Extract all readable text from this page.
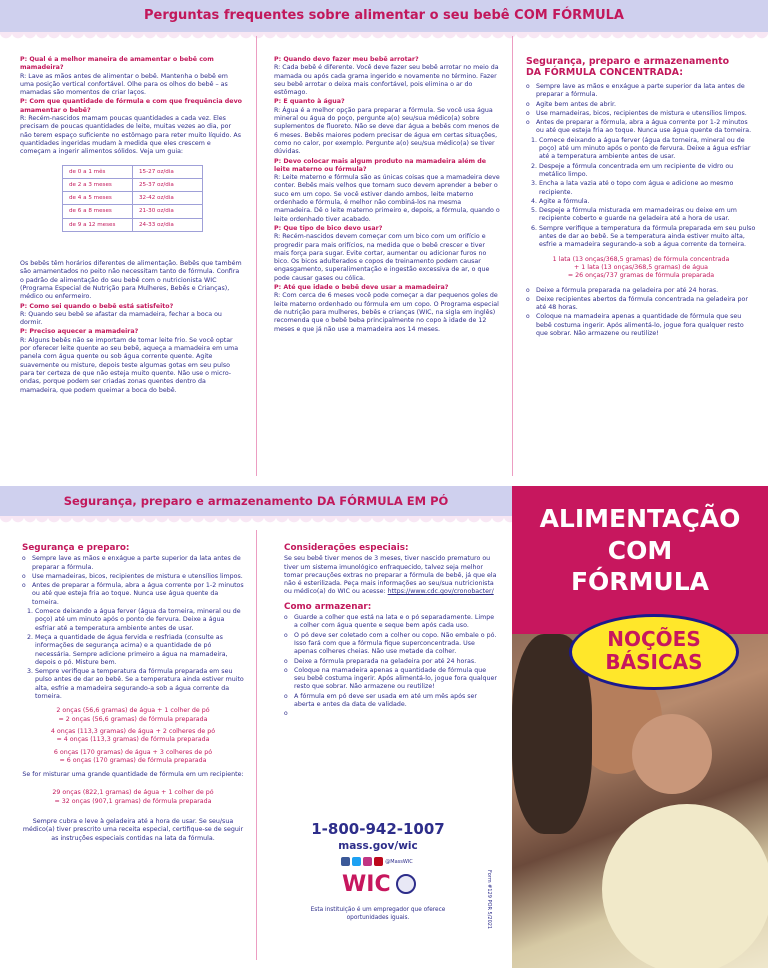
Perguntas frequentes sobre alimentar o seu bebê COM FÓRMULA

P: Qual é a melhor maneira de amamentar o bebê com mamadeira?
R: Lave as mãos antes de alimentar o bebê. Mantenha o bebê em uma posição vertical confortável. Olhe para os olhos do bebê – as mamadas são momentos de criar laços.

P: Com que quantidade de fórmula e com que frequência devo amamentar o bebê?
R: Recém-nascidos mamam poucas quantidades a cada vez. Eles precisam de poucas quantidades de leite, muitas vezes ao dia, por não terem espaço suficiente no estômago para reter muito líquido. As quantidades ingeridas mudam à medida que eles crescem e começam a ingerir alimentos sólidos. Veja um guia:

de 0 a 1 mês	15-27 oz/dia
de 2 a 3 meses	25-37 oz/dia
de 4 a 5 meses	32-42 oz/dia
de 6 a 8 meses	21-30 oz/dia
de 9 a 12 meses	24-33 oz/dia

Os bebês têm horários diferentes de alimentação. Bebês que também são amamentados no peito não necessitam tanto de fórmula. Confira o padrão de alimentação do seu bebê com o nutricionista WIC (Programa Especial de Nutrição para Mulheres, Bebês e Crianças), médico ou enfermeiro.

P: Como sei quando o bebê está satisfeito?
R: Quando seu bebê se afastar da mamadeira, fechar a boca ou dormir.

P: Preciso aquecer a mamadeira?
R: Alguns bebês não se importam de tomar leite frio. Se você optar por oferecer leite quente ao seu bebê, aqueça a mamadeira em uma panela com água quente ou sob água corrente quente. Agite suavemente ou misture, depois teste algumas gotas em seu pulso para ter certeza de que não esteja muito quente. Não use o micro-ondas, porque podem ser criadas zonas quentes dentro da mamadeira, que podem queimar a boca do bebê.

P: Quando devo fazer meu bebê arrotar?
R: Cada bebê é diferente. Você deve fazer seu bebê arrotar no meio da mamada ou após cada grama ingerido e novamente no término. Fazer seu bebê arrotar o deixa mais confortável, pois elimina o ar do estômago.

P: E quanto à água?
R: Água é a melhor opção para preparar a fórmula. Se você usa água mineral ou água do poço, pergunte a(o) seu/sua médico(a) sobre suplementos de fluoreto. Não se deve dar água a bebês com menos de 6 meses. Bebês maiores podem precisar de água em certas situações, como no calor, por exemplo. Pergunte a(o) seu/sua médico(a) se tiver dúvidas.

P: Devo colocar mais algum produto na mamadeira além de leite materno ou fórmula?
R: Leite materno e fórmula são as únicas coisas que a mamadeira deve conter. Bebês mais velhos que tomam suco devem aprender a beber o suco em um copo. Se você estiver dando ambos, leite materno ordenhado e fórmula, é melhor não combiná-los na mesma mamadeira. Dê o leite materno primeiro e, depois, a fórmula, quando o leite ordenhado tiver acabado.

P: Que tipo de bico devo usar?
R: Recém-nascidos devem começar com um bico com um orifício e progredir para mais orifícios, na medida que o bebê crescer e tiver mais força para sugar. Evite cortar, aumentar ou adicionar furos no bico. Os bicos adulterados e copos de treinamento podem causar engasgamento, superalimentação e ingestão excessiva de ar, o que pode causar gases ou cólica.

P: Até que idade o bebê deve usar a mamadeira?
R: Com cerca de 6 meses você pode começar a dar pequenos goles de leite materno ordenhado ou fórmula em um copo. O Programa especial de nutrição para mulheres, bebês e crianças (WIC, na sigla em inglês) recomenda que o bebê beba principalmente no copo à idade de 12 meses e que já não use a mamadeira aos 14 meses.

Segurança, preparo e armazenamento
DA FÓRMULA CONCENTRADA:
o Sempre lave as mãos e enxágue a parte superior da lata antes de preparar a fórmula.
o Agite bem antes de abrir.
o Use mamadeiras, bicos, recipientes de mistura e utensílios limpos.
o Antes de preparar a fórmula, abra a água corrente por 1-2 minutos ou até que esteja fria ao toque. Nunca use água quente da torneira.
1. Comece deixando a água ferver (água da torneira, mineral ou de poço) até um minuto após o ponto de fervura. Deixe a água esfriar até a temperatura ambiente antes de usar.
2. Despeje a fórmula concentrada em um recipiente de vidro ou metálico limpo.
3. Encha a lata vazia até o topo com água e adicione ao mesmo recipiente.
4. Agite a fórmula.
5. Despeje a fórmula misturada em mamadeiras ou deixe em um recipiente coberto e guarde na geladeira até a hora de usar.
6. Sempre verifique a temperatura da fórmula preparada em seu pulso antes de dar ao bebê. Se a temperatura ainda estiver muito alta, esfrie a mamadeira segurando-a sob a água corrente da torneira.
1 lata (13 onças/368,5 gramas) de fórmula concentrada
+ 1 lata (13 onças/368,5 gramas) de água
= 26 onças/737 gramas de fórmula preparada
o Deixe a fórmula preparada na geladeira por até 24 horas.
o Deixe recipientes abertos da fórmula concentrada na geladeira por até 48 horas.
o Coloque na mamadeira apenas a quantidade de fórmula que seu bebê costuma ingerir. Após alimentá-lo, jogue fora qualquer resto que sobrar. Não armazene ou reutilize!
Segurança, preparo e armazenamento DA FÓRMULA EM PÓ
Segurança e preparo:
o Sempre lave as mãos e enxágue a parte superior da lata antes de preparar a fórmula.
o Use mamadeiras, bicos, recipientes de mistura e utensílios limpos.
o Antes de preparar a fórmula, abra a água corrente por 1-2 minutos ou até que esteja fria ao toque. Nunca use água quente da torneira.
1. Comece deixando a água ferver (água da torneira, mineral ou de poço) até um minuto após o ponto de fervura. Deixe a água esfriar até a temperatura ambiente antes de usar.
2. Meça a quantidade de água fervida e resfriada (consulte as informações de segurança acima) e a quantidade de pó necessária. Sempre adicione primeiro a água na mamadeira, depois o pó. Misture bem.
3. Sempre verifique a temperatura da fórmula preparada em seu pulso antes de dar ao bebê. Se a temperatura ainda estiver muito alta, esfrie a mamadeira segurando-a sob a água corrente da torneira.
2 onças (56,6 gramas) de água + 1 colher de pó
= 2 onças (56,6 gramas) de fórmula preparada
4 onças (113,3 gramas) de água + 2 colheres de pó
= 4 onças (113,3 gramas) de fórmula preparada
6 onças (170 gramas) de água + 3 colheres de pó
= 6 onças (170 gramas) de fórmula preparada
Se for misturar uma grande quantidade de fórmula em um recipiente:
29 onças (822,1 gramas) de água + 1 colher de pó
= 32 onças (907,1 gramas) de fórmula preparada
Sempre cubra e leve à geladeira até a hora de usar. Se seu/sua médico(a) tiver prescrito uma receita especial, certifique-se de seguir as instruções especiais contidas na lata da fórmula.
Considerações especiais:

Se seu bebê tiver menos de 3 meses, tiver nascido prematuro ou tiver um sistema imunológico enfraquecido, talvez seja melhor tomar precauções extras no preparar a fórmula de bebê, já que ela não é esterilizada. Peça mais informações ao seu/sua nutricionista ou médico(a) do WIC ou acesse: https://www.cdc.gov/cronobacter/

Como armazenar:
o Guarde a colher que está na lata e o pó separadamente. Limpe a colher com água quente e seque bem após cada uso.
o O pó deve ser coletado com a colher ou copo. Não embale o pó. Isso fará com que a fórmula fique superconcentrada. Use apenas colheres cheias. Não use metade da colher.
o Deixe a fórmula preparada na geladeira por até 24 horas.
o Coloque na mamadeira apenas a quantidade de fórmula que seu bebê costuma ingerir. Após alimentá-lo, jogue fora qualquer resto que sobrar. Não armazene ou reutilize!
o A fórmula em pó deve ser usada em até um mês após ser aberta e antes da data de validade.
1-800-942-1007
mass.gov/wic
@MassWIC
WIC
Esta instituição é um empregador que oferece oportunidades iguais.	Form #129 POR 5/2021
ALIMENTAÇÃO
COM
FÓRMULA
NOÇÕES
BÁSICAS
